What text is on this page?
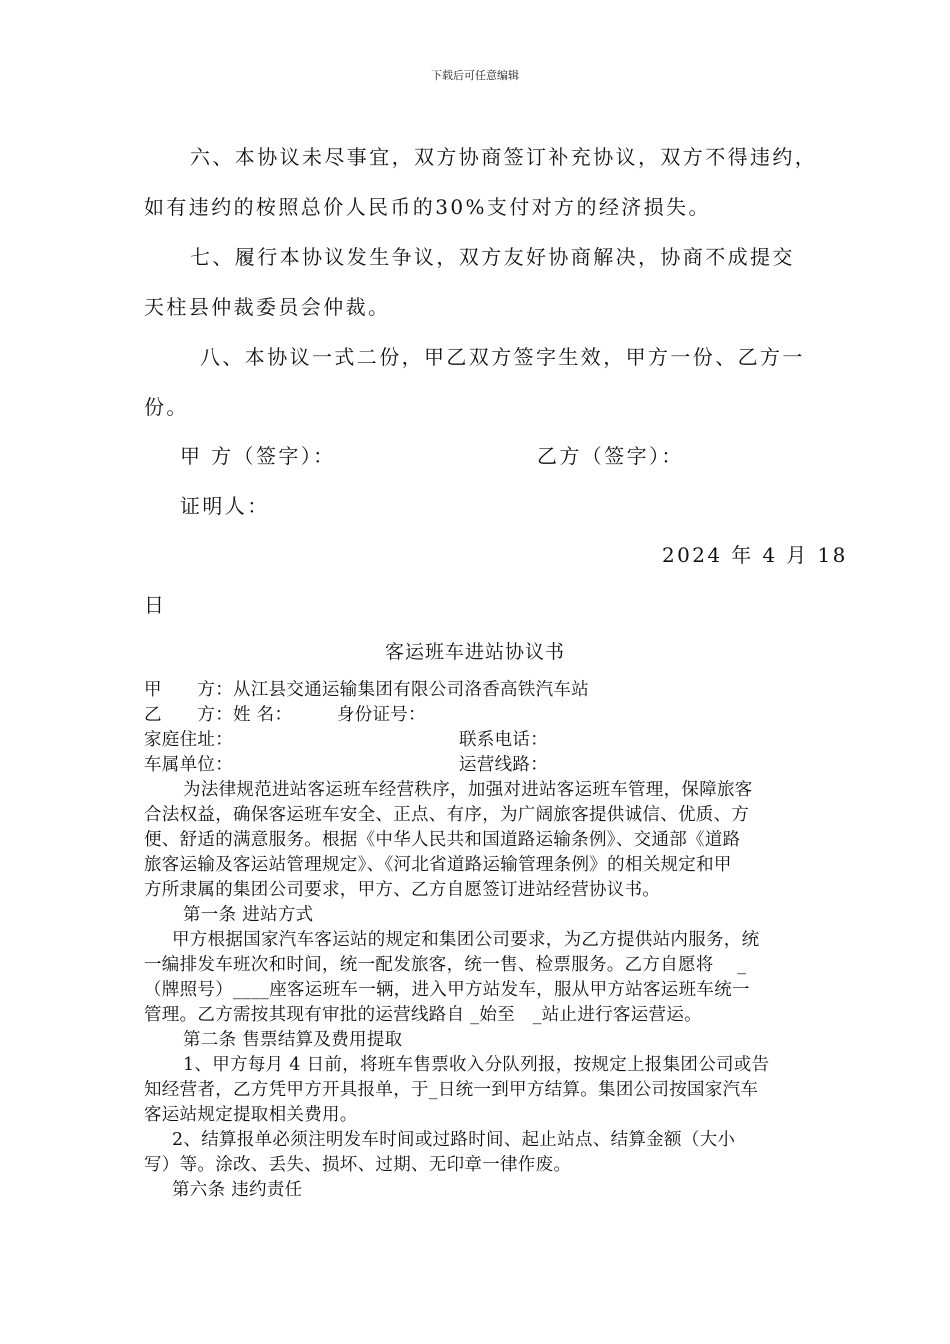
下载后可任意编辑
六、本协议未尽事宜，双方协商签订补充协议，双方不得违约，
如有违约的桉照总价人民币的30%支付对方的经济损失。
七、履行本协议发生争议，双方友好协商解决，协商不成提交
天柱县仲裁委员会仲裁。
八、本协议一式二份，甲乙双方签字生效，甲方一份、乙方一
份。
甲 方（签字）：	乙方（签字）：
证明人：
2024 年 4 月 18
日
客运班车进站协议书
甲　　方：从江县交通运输集团有限公司洛香高铁汽车站
乙　　方：姓 名：　　　身份证号：
家庭住址：	联系电话：
车属单位：	运营线路：
为法律规范进站客运班车经营秩序，加强对进站客运班车管理，保障旅客
合法权益，确保客运班车安全、正点、有序，为广阔旅客提供诚信、优质、方
便、舒适的满意服务。根据《中华人民共和国道路运输条例》、交通部《道路
旅客运输及客运站管理规定》、《河北省道路运输管理条例》的相关规定和甲
方所隶属的集团公司要求，甲方、乙方自愿签订进站经营协议书。
第一条 进站方式
甲方根据国家汽车客运站的规定和集团公司要求，为乙方提供站内服务，统
一编排发车班次和时间，统一配发旅客，统一售、检票服务。乙方自愿将　 _
（牌照号）____座客运班车一辆，进入甲方站发车，服从甲方站客运班车统一
管理。乙方需按其现有审批的运营线路自 _始至　_站止进行客运营运。
第二条 售票结算及费用提取
1、甲方每月 4 日前，将班车售票收入分队列报，按规定上报集团公司或告
知经营者，乙方凭甲方开具报单，于_日统一到甲方结算。集团公司按国家汽车
客运站规定提取相关费用。
2、结算报单必须注明发车时间或过路时间、起止站点、结算金额（大小
写）等。涂改、丢失、损坏、过期、无印章一律作废。
第六条 违约责任
